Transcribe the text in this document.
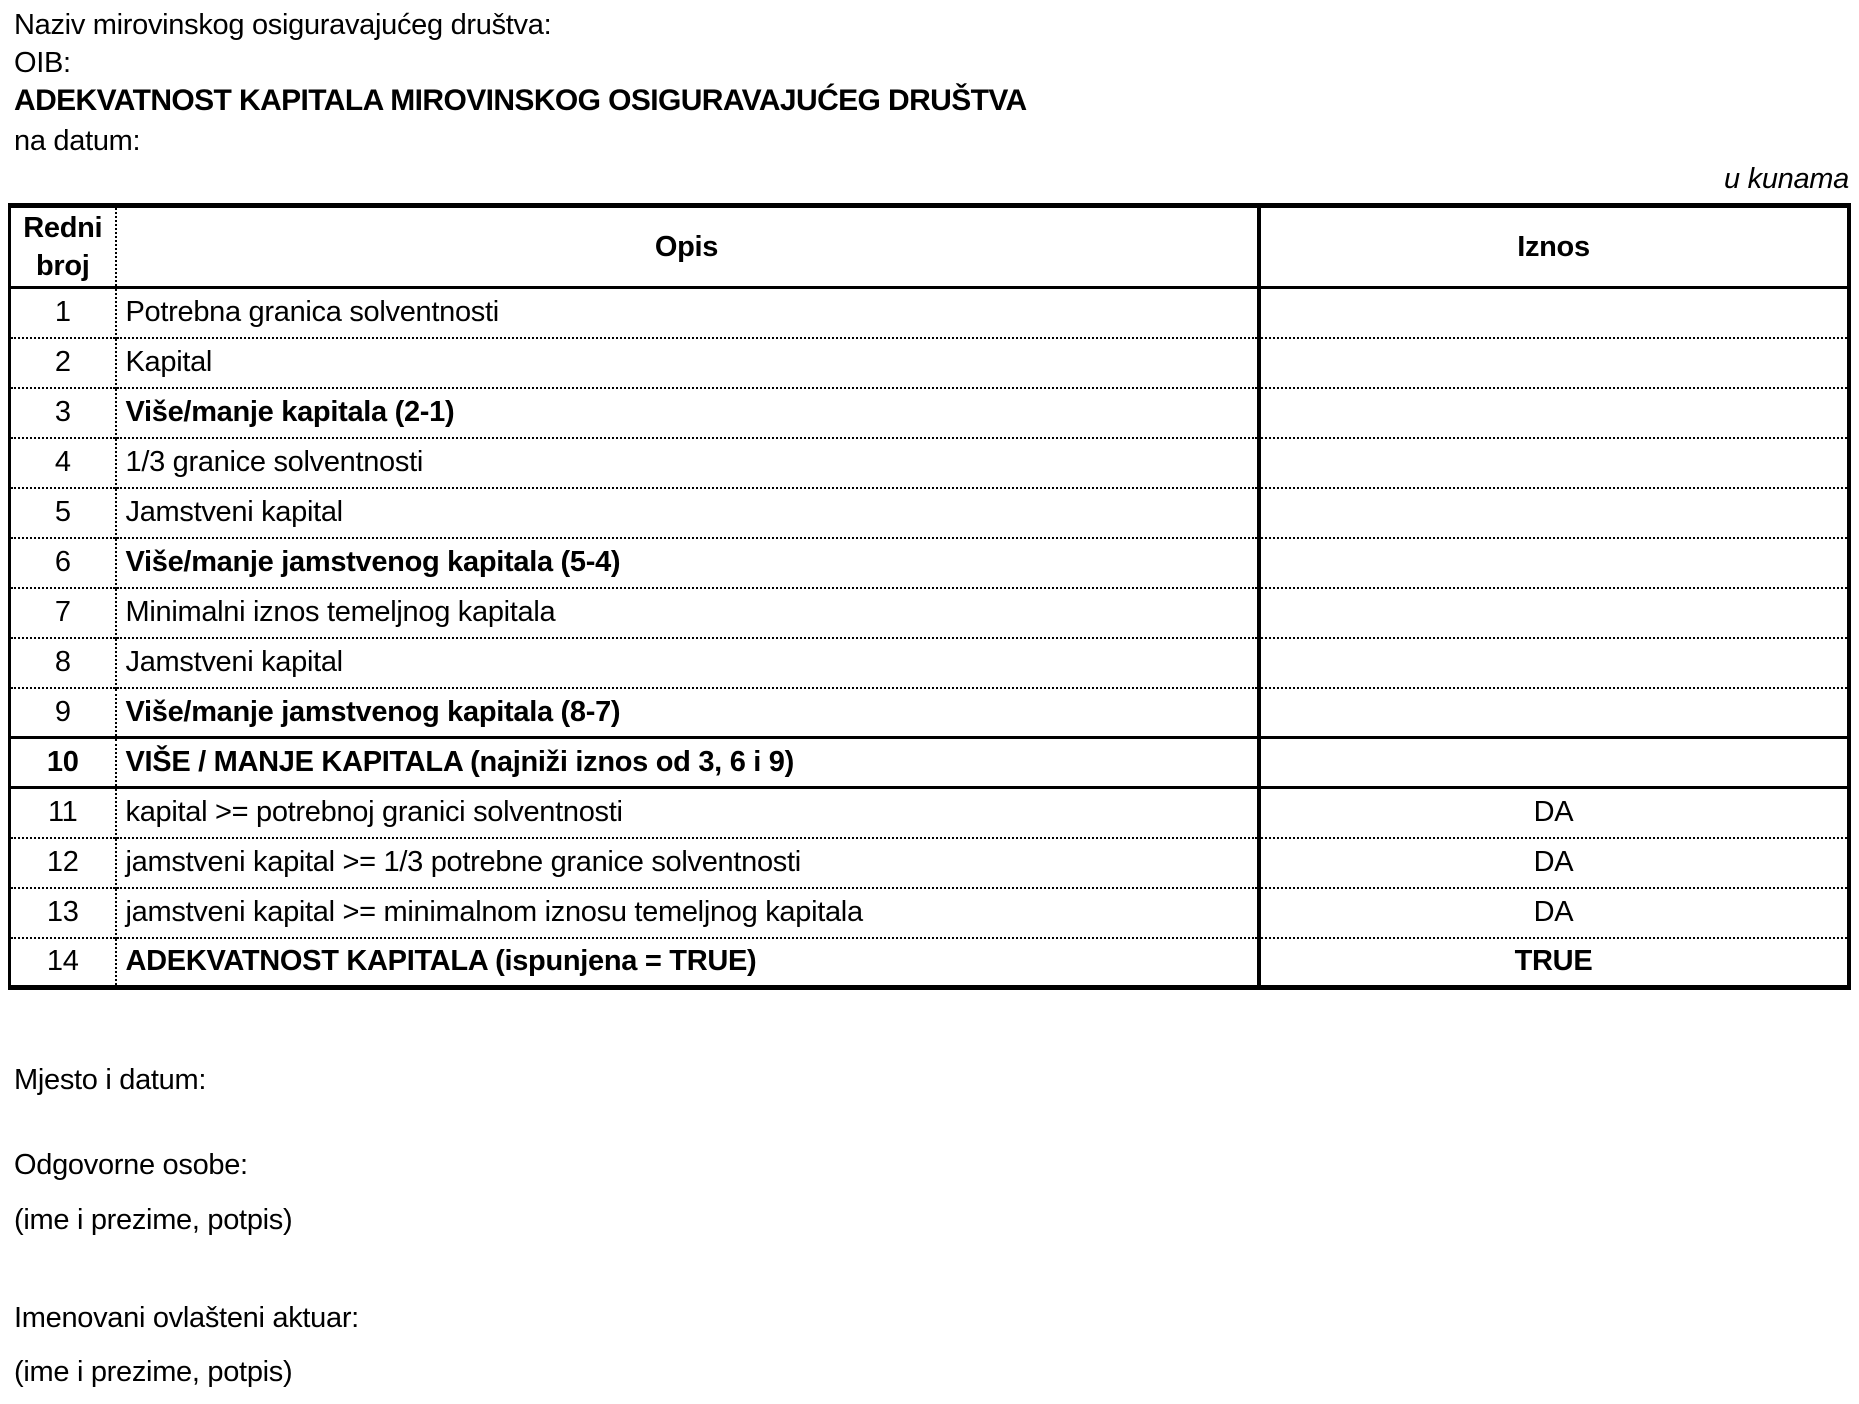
Naziv mirovinskog osiguravajućeg društva:
OIB:
ADEKVATNOST KAPITALA MIROVINSKOG OSIGURAVAJUĆEG DRUŠTVA
na datum:
u kunama
Redni broj	Opis	Iznos
1	Potrebna granica solventnosti	
2	Kapital	
3	Više/manje kapitala (2-1)	
4	1/3 granice solventnosti	
5	Jamstveni kapital	
6	Više/manje jamstvenog kapitala (5-4)	
7	Minimalni iznos temeljnog kapitala	
8	Jamstveni kapital	
9	Više/manje jamstvenog kapitala (8-7)	
10	VIŠE / MANJE KAPITALA (najniži iznos od 3, 6 i 9)	
11	kapital >= potrebnoj granici solventnosti	DA
12	jamstveni kapital >= 1/3 potrebne granice solventnosti	DA
13	jamstveni kapital >= minimalnom iznosu temeljnog kapitala	DA
14	ADEKVATNOST KAPITALA (ispunjena = TRUE)	TRUE
Mjesto i datum:
Odgovorne osobe:
(ime i prezime, potpis)
Imenovani ovlašteni aktuar:
(ime i prezime, potpis)
